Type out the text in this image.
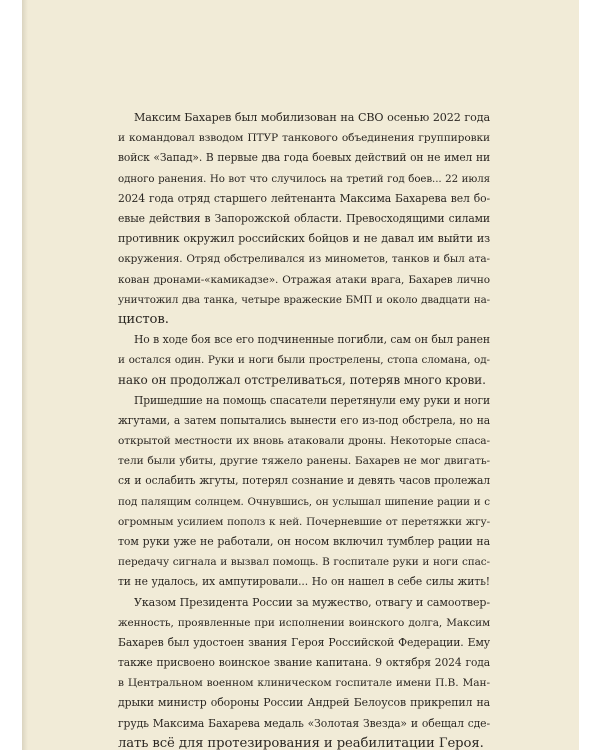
Максим Бахарев был мобилизован на СВО осенью 2022 года
и командовал взводом ПТУР танкового объединения группировки
войск «Запад». В первые два года боевых действий он не имел ни
одного ранения. Но вот что случилось на третий год боев... 22 июля
2024 года отряд старшего лейтенанта Максима Бахарева вел бо-
евые действия в Запорожской области. Превосходящими силами
противник окружил российских бойцов и не давал им выйти из
окружения. Отряд обстреливался из минометов, танков и был ата-
кован дронами-«камикадзе». Отражая атаки врага, Бахарев лично
уничтожил два танка, четыре вражеские БМП и около двадцати на-
цистов.
Но в ходе боя все его подчиненные погибли, сам он был ранен
и остался один. Руки и ноги были прострелены, стопа сломана, од-
нако он продолжал отстреливаться, потеряв много крови.
Пришедшие на помощь спасатели перетянули ему руки и ноги
жгутами, а затем попытались вынести его из-под обстрела, но на
открытой местности их вновь атаковали дроны. Некоторые спаса-
тели были убиты, другие тяжело ранены. Бахарев не мог двигать-
ся и ослабить жгуты, потерял сознание и девять часов пролежал
под палящим солнцем. Очнувшись, он услышал шипение рации и с
огромным усилием пополз к ней. Почерневшие от перетяжки жгу-
том руки уже не работали, он носом включил тумблер рации на
передачу сигнала и вызвал помощь. В госпитале руки и ноги спас-
ти не удалось, их ампутировали... Но он нашел в себе силы жить!
Указом Президента России за мужество, отвагу и самоотвер-
женность, проявленные при исполнении воинского долга, Максим
Бахарев был удостоен звания Героя Российской Федерации. Ему
также присвоено воинское звание капитана. 9 октября 2024 года
в Центральном военном клиническом госпитале имени П.В. Ман-
дрыки министр обороны России Андрей Белоусов прикрепил на
грудь Максима Бахарева медаль «Золотая Звезда» и обещал сде-
лать всё для протезирования и реабилитации Героя.
